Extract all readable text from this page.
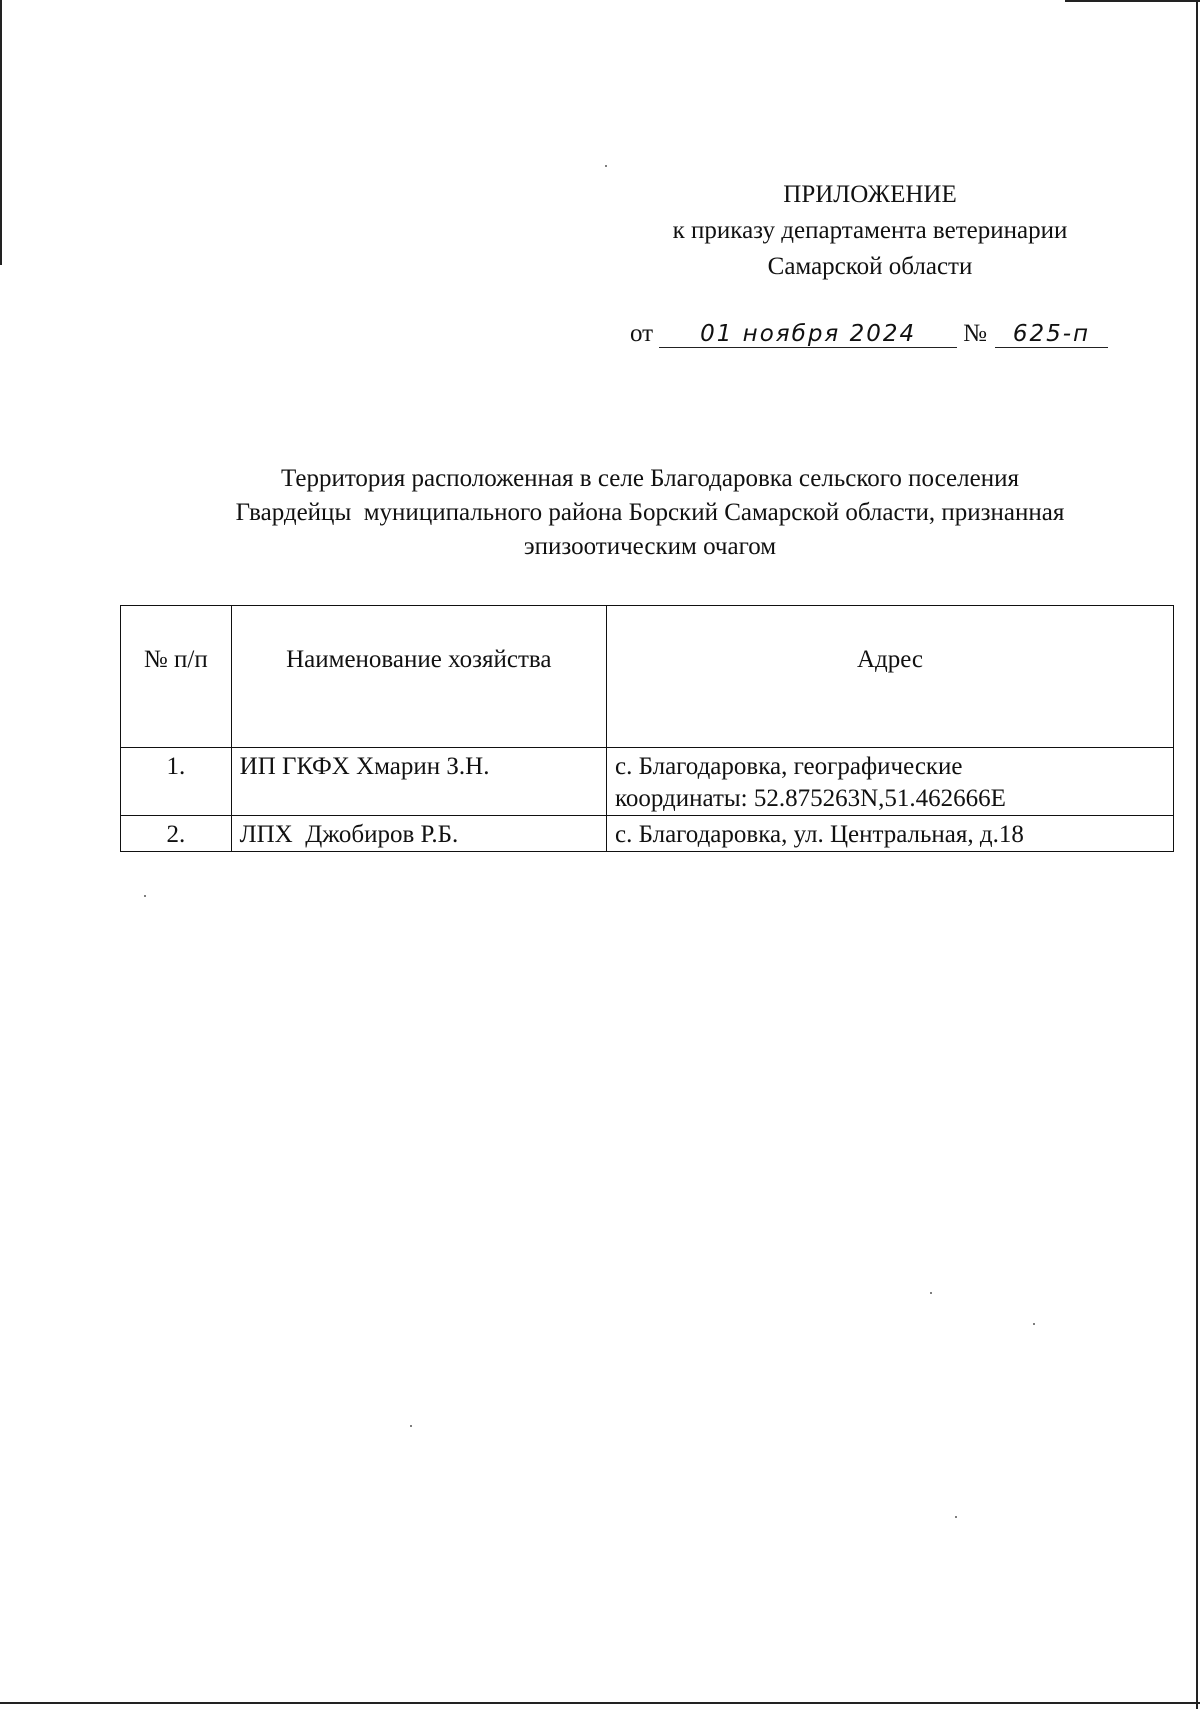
ПРИЛОЖЕНИЕ
к приказу департамента ветеринарии
Самарской области
от 01 ноября 2024 № 625-п
Территория расположенная в селе Благодаровка сельского поселения
Гвардейцы  муниципального района Борский Самарской области, признанная
эпизоотическим очагом
№ п/п	Наименование хозяйства	Адрес
1.	ИП ГКФХ Хмарин З.Н.	с. Благодаровка, географические
координаты: 52.875263N,51.462666E

2.	ЛПХ  Джобиров Р.Б.	с. Благодаровка, ул. Центральная, д.18
